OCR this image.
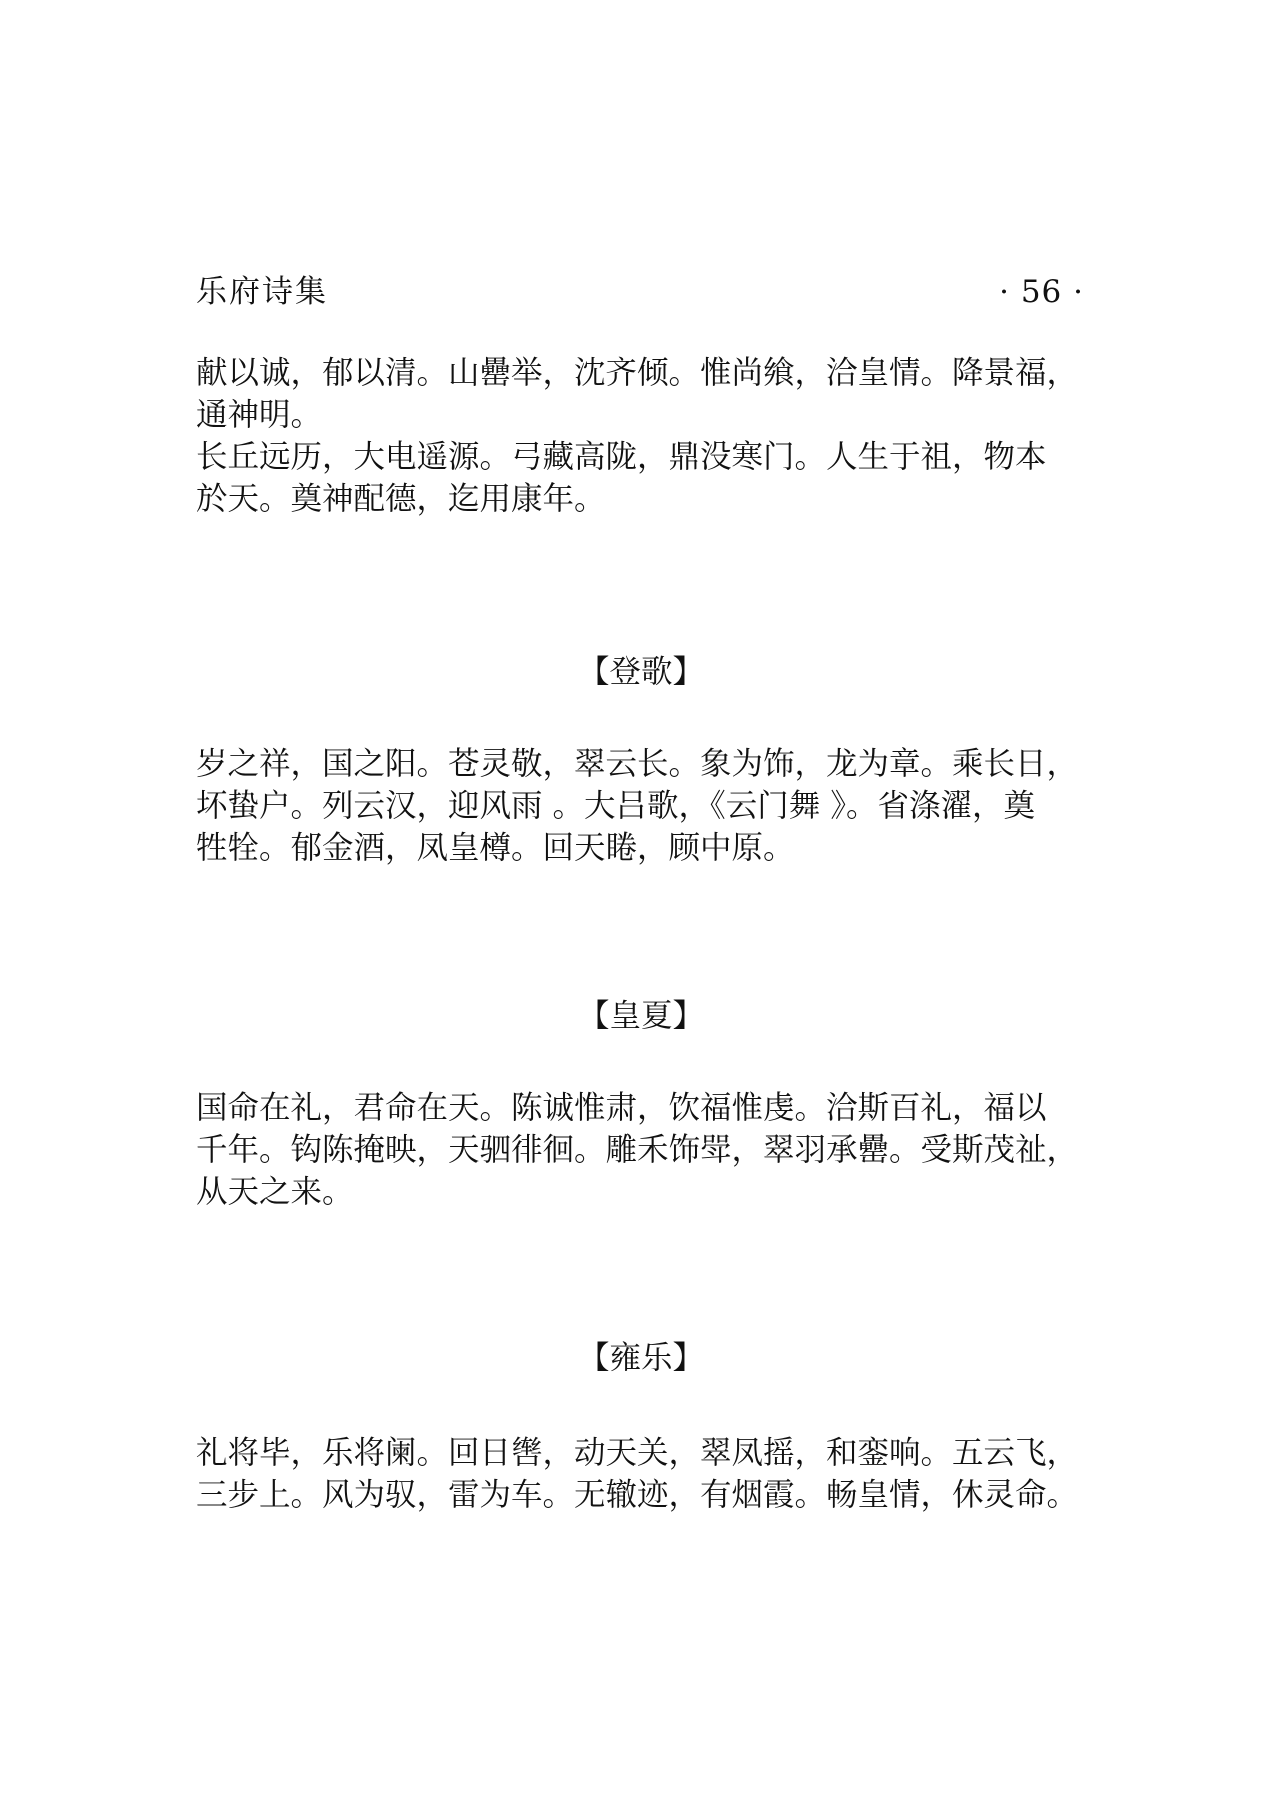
乐府诗集	· 56 ·

献以诚，郁以清。山罍举，沈齐倾。惟尚飨，洽皇情。降景福，
通神明。
长丘远历，大电遥源。弓藏高陇，鼎没寒门。人生于祖，物本
於天。奠神配德，迄用康年。

【登歌】

岁之祥，国之阳。苍灵敬，翠云长。象为饰，龙为章。乘长日，
坏蛰户。列云汉，迎风雨 。大吕歌，《云门舞 》。省涤濯，奠
牲牷。郁金酒，凤皇樽。回天睠，顾中原。

【皇夏】

国命在礼，君命在天。陈诚惟肃，饮福惟虔。洽斯百礼，福以
千年。钩陈掩映，天驷徘徊。雕禾饰斝，翠羽承罍。受斯茂祉，
从天之来。

【雍乐】

礼将毕，乐将阑。回日辔，动天关，翠凤摇，和銮响。五云飞，
三步上。风为驭，雷为车。无辙迹，有烟霞。畅皇情，休灵命。
